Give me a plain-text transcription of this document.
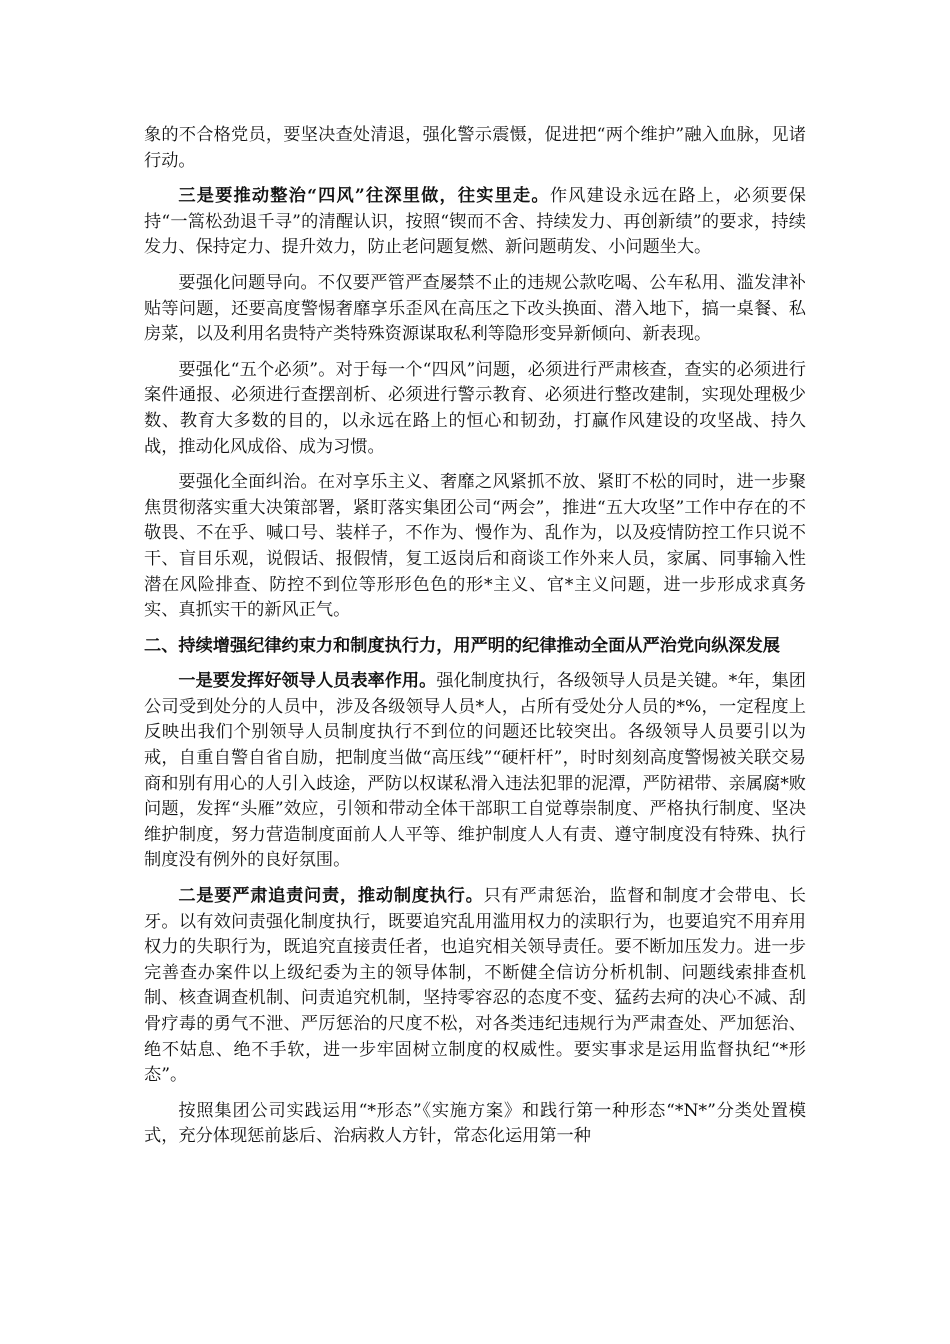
象的不合格党员，要坚决查处清退，强化警示震慑，促进把“两个维护”融入血脉，见诸行动。

三是要推动整治“四风”往深里做，往实里走。作风建设永远在路上，必须要保持“一篙松劲退千寻”的清醒认识，按照“锲而不舍、持续发力、再创新绩”的要求，持续发力、保持定力、提升效力，防止老问题复燃、新问题萌发、小问题坐大。

要强化问题导向。不仅要严管严查屡禁不止的违规公款吃喝、公车私用、滥发津补贴等问题，还要高度警惕奢靡享乐歪风在高压之下改头换面、潜入地下，搞一桌餐、私房菜，以及利用名贵特产类特殊资源谋取私利等隐形变异新倾向、新表现。

要强化“五个必须”。对于每一个“四风”问题，必须进行严肃核查，查实的必须进行案件通报、必须进行查摆剖析、必须进行警示教育、必须进行整改建制，实现处理极少数、教育大多数的目的，以永远在路上的恒心和韧劲，打赢作风建设的攻坚战、持久战，推动化风成俗、成为习惯。

要强化全面纠治。在对享乐主义、奢靡之风紧抓不放、紧盯不松的同时，进一步聚焦贯彻落实重大决策部署，紧盯落实集团公司“两会”，推进“五大攻坚”工作中存在的不敬畏、不在乎、喊口号、装样子，不作为、慢作为、乱作为，以及疫情防控工作只说不干、盲目乐观，说假话、报假情，复工返岗后和商谈工作外来人员，家属、同事输入性潜在风险排查、防控不到位等形形色色的形*主义、官*主义问题，进一步形成求真务实、真抓实干的新风正气。

二、持续增强纪律约束力和制度执行力，用严明的纪律推动全面从严治党向纵深发展

一是要发挥好领导人员表率作用。强化制度执行，各级领导人员是关键。*年，集团公司受到处分的人员中，涉及各级领导人员*人，占所有受处分人员的*%，一定程度上反映出我们个别领导人员制度执行不到位的问题还比较突出。各级领导人员要引以为戒，自重自警自省自励，把制度当做“高压线”“硬杆杆”，时时刻刻高度警惕被关联交易商和别有用心的人引入歧途，严防以权谋私滑入违法犯罪的泥潭，严防裙带、亲属腐*败问题，发挥“头雁”效应，引领和带动全体干部职工自觉尊崇制度、严格执行制度、坚决维护制度，努力营造制度面前人人平等、维护制度人人有责、遵守制度没有特殊、执行制度没有例外的良好氛围。

二是要严肃追责问责，推动制度执行。只有严肃惩治，监督和制度才会带电、长牙。以有效问责强化制度执行，既要追究乱用滥用权力的渎职行为，也要追究不用弃用权力的失职行为，既追究直接责任者，也追究相关领导责任。要不断加压发力。进一步完善查办案件以上级纪委为主的领导体制，不断健全信访分析机制、问题线索排查机制、核查调查机制、问责追究机制，坚持零容忍的态度不变、猛药去疴的决心不减、刮骨疗毒的勇气不泄、严厉惩治的尺度不松，对各类违纪违规行为严肃查处、严加惩治、绝不姑息、绝不手软，进一步牢固树立制度的权威性。要实事求是运用监督执纪“*形态”。

按照集团公司实践运用“*形态”《实施方案》和践行第一种形态“*N*”分类处置模式，充分体现惩前毖后、治病救人方针，常态化运用第一种
